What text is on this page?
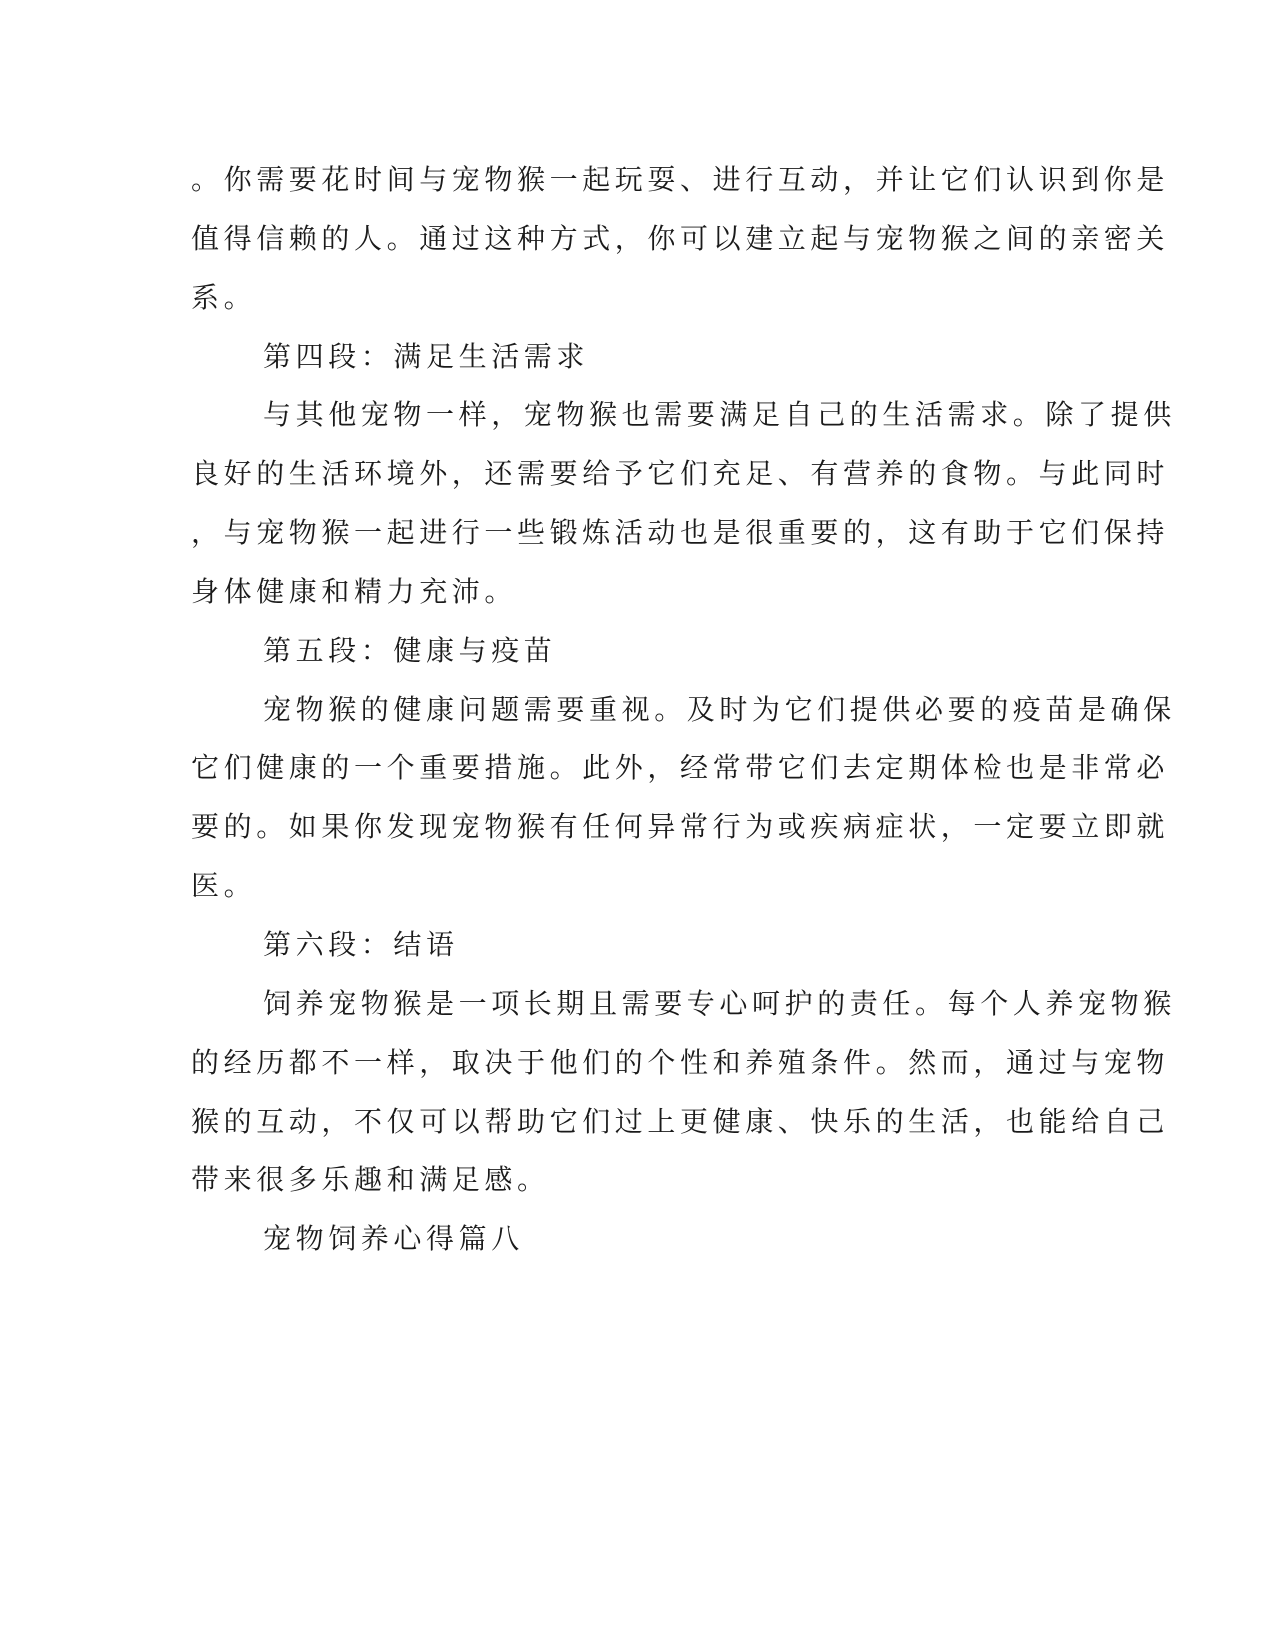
。你需要花时间与宠物猴一起玩耍、进行互动，并让它们认识到你是
值得信赖的人。通过这种方式，你可以建立起与宠物猴之间的亲密关
系。
第四段：满足生活需求
与其他宠物一样，宠物猴也需要满足自己的生活需求。除了提供
良好的生活环境外，还需要给予它们充足、有营养的食物。与此同时
，与宠物猴一起进行一些锻炼活动也是很重要的，这有助于它们保持
身体健康和精力充沛。
第五段：健康与疫苗
宠物猴的健康问题需要重视。及时为它们提供必要的疫苗是确保
它们健康的一个重要措施。此外，经常带它们去定期体检也是非常必
要的。如果你发现宠物猴有任何异常行为或疾病症状，一定要立即就
医。
第六段：结语
饲养宠物猴是一项长期且需要专心呵护的责任。每个人养宠物猴
的经历都不一样，取决于他们的个性和养殖条件。然而，通过与宠物
猴的互动，不仅可以帮助它们过上更健康、快乐的生活，也能给自己
带来很多乐趣和满足感。
宠物饲养心得篇八
